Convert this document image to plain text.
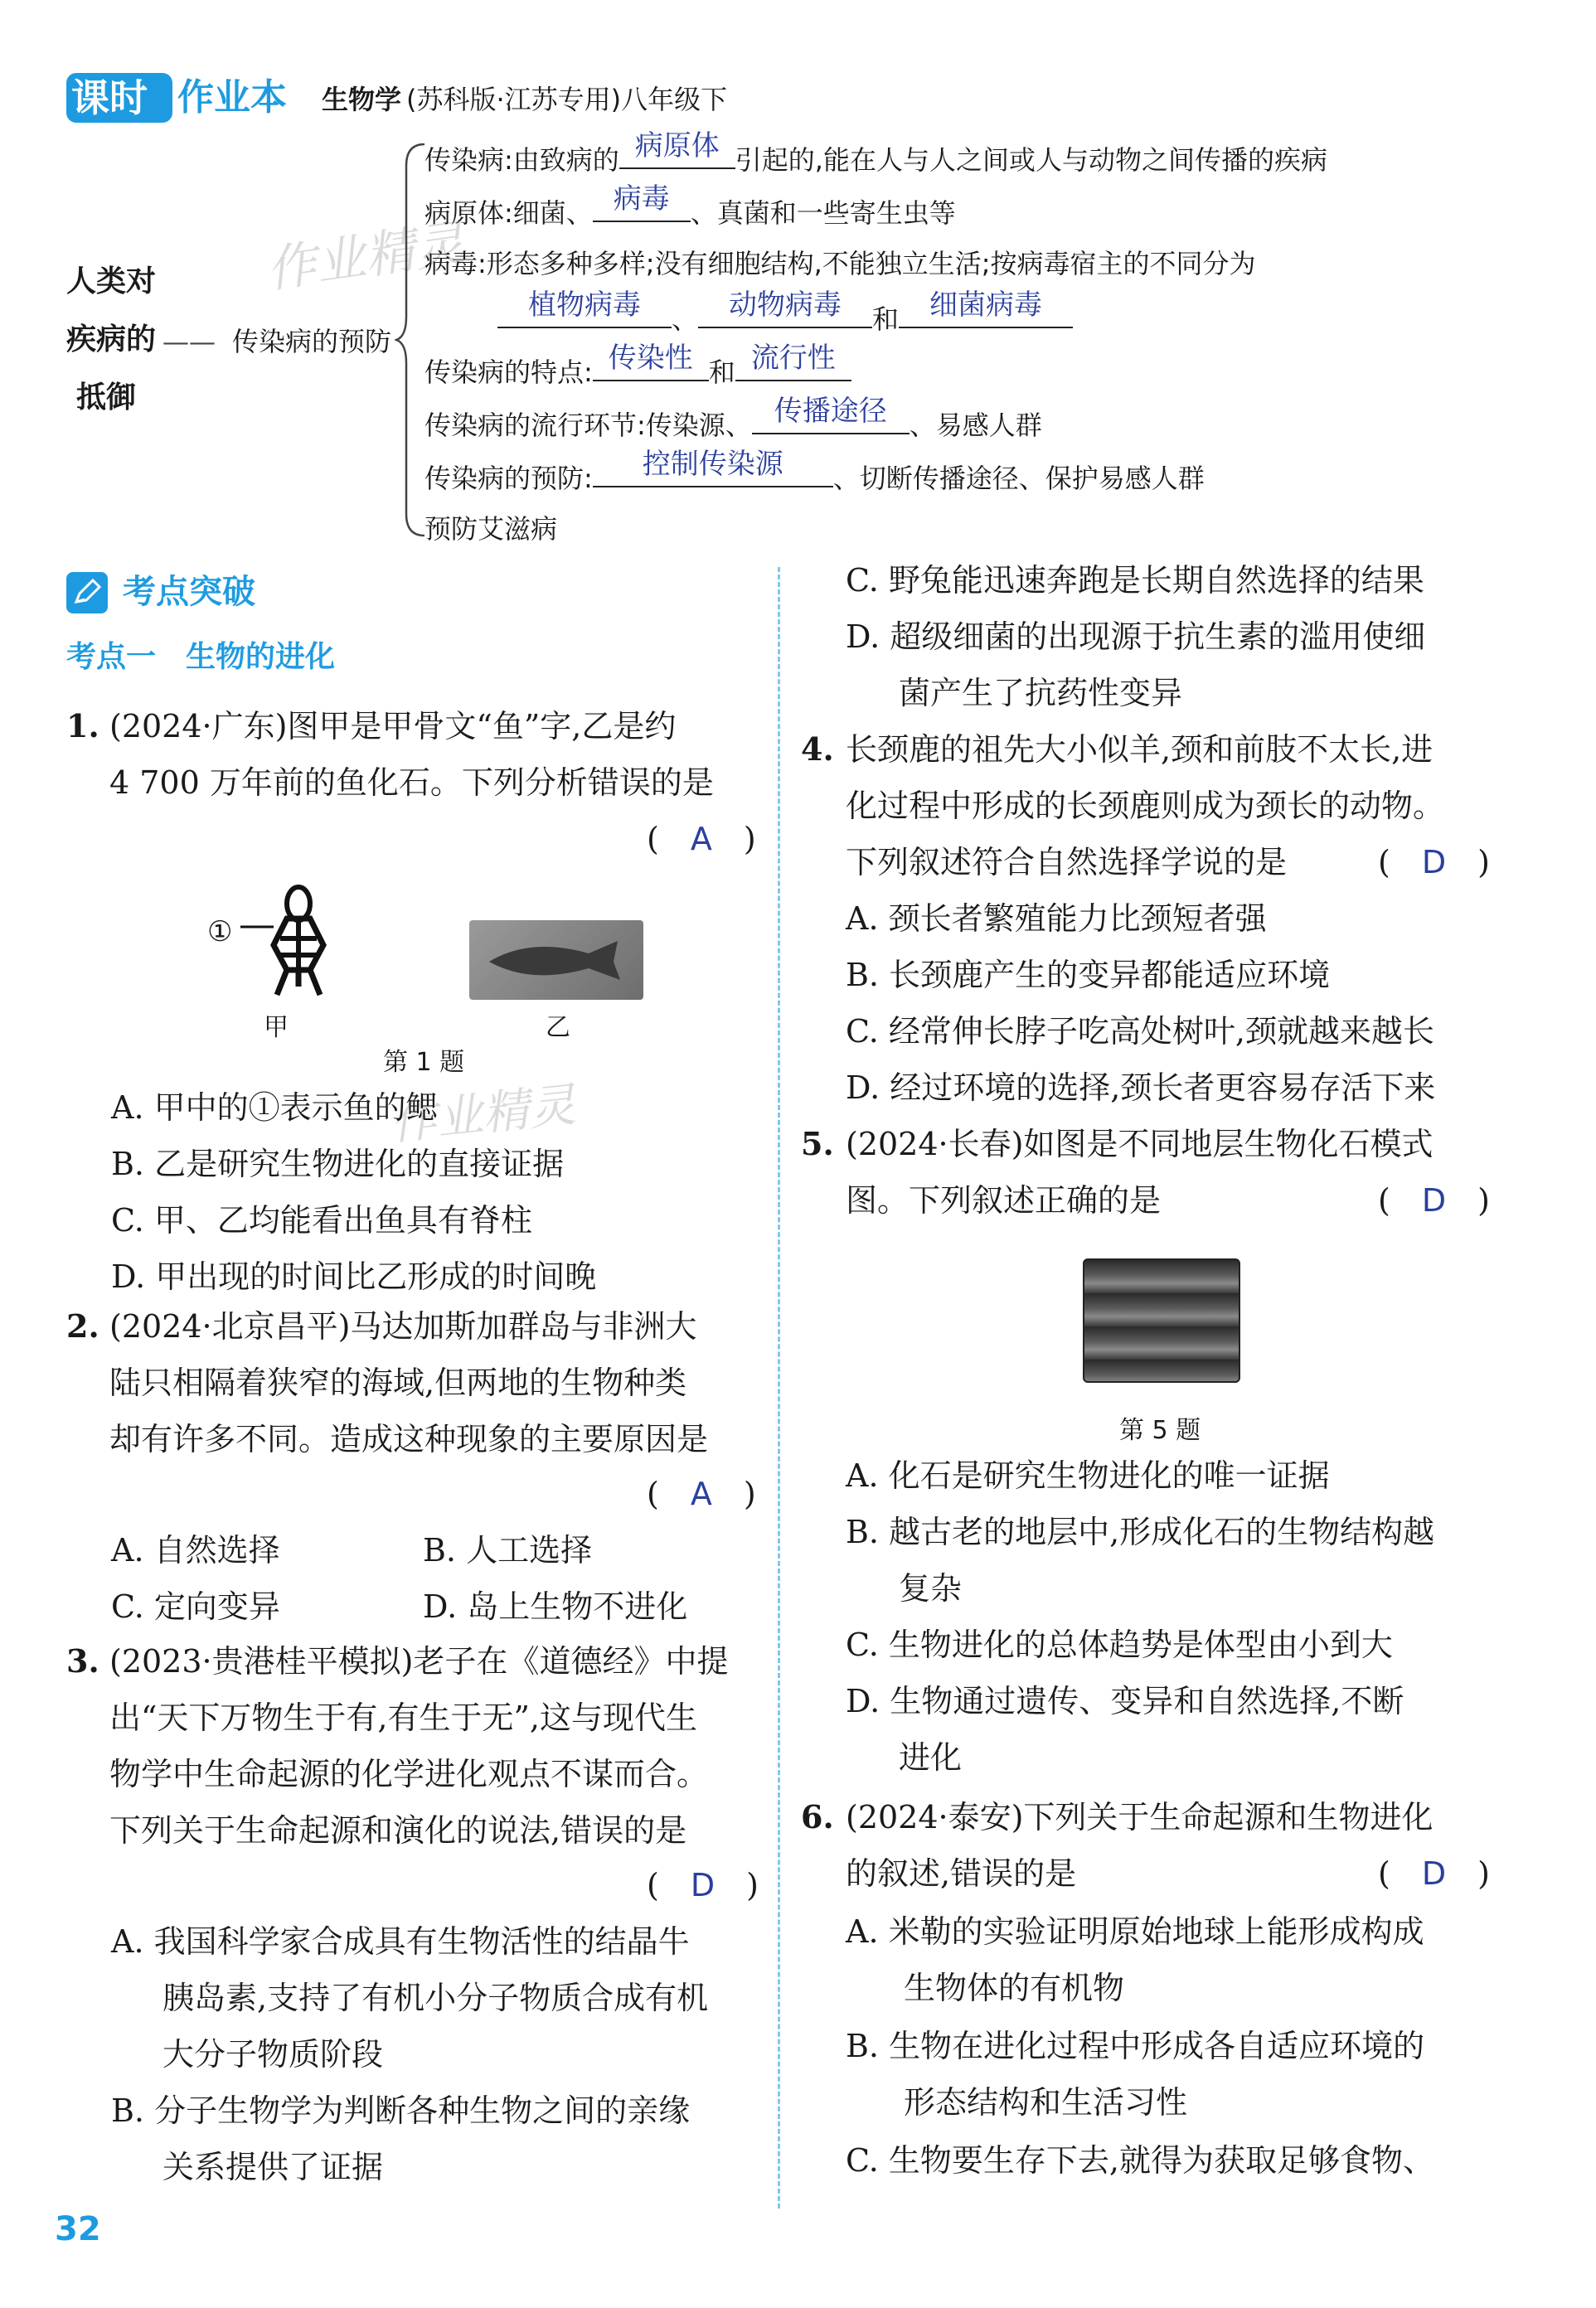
课时 作业本 生物学 (苏科版·江苏专用)八年级下
作业精灵
作业精灵
人类对
疾病的
抵御
—— 传染病的预防
传染病:由致病的 病原体 引起的,能在人与人之间或人与动物之间传播的疾病
病原体:细菌、 病毒 、真菌和一些寄生虫等
病毒:形态多种多样;没有细胞结构,不能独立生活;按病毒宿主的不同分为
植物病毒	、	动物病毒	和	细菌病毒
传染病的特点: 传染性 和 流行性
传染病的流行环节:传染源、 传播途径 、易感人群
传染病的预防:	控制传染源	、切断传播途径、保护易感人群
预防艾滋病
考点突破
考点一　生物的进化
1. (2024·广东)图甲是甲骨文“鱼”字,乙是约
4 700 万年前的鱼化石。下列分析错误的是
(　A　)
①
甲	乙
第 1 题
A. 甲中的①表示鱼的鳃
B. 乙是研究生物进化的直接证据
C. 甲、乙均能看出鱼具有脊柱
D. 甲出现的时间比乙形成的时间晚
2. (2024·北京昌平)马达加斯加群岛与非洲大
陆只相隔着狭窄的海域,但两地的生物种类
却有许多不同。造成这种现象的主要原因是
(　A　)
A. 自然选择	B. 人工选择
C. 定向变异	D. 岛上生物不进化
3. (2023·贵港桂平模拟)老子在《道德经》中提
出“天下万物生于有,有生于无”,这与现代生
物学中生命起源的化学进化观点不谋而合。
下列关于生命起源和演化的说法,错误的是
(　D　)
A. 我国科学家合成具有生物活性的结晶牛
胰岛素,支持了有机小分子物质合成有机
大分子物质阶段
B. 分子生物学为判断各种生物之间的亲缘
关系提供了证据
C. 野兔能迅速奔跑是长期自然选择的结果
D. 超级细菌的出现源于抗生素的滥用使细
菌产生了抗药性变异
4. 长颈鹿的祖先大小似羊,颈和前肢不太长,进
化过程中形成的长颈鹿则成为颈长的动物。
下列叙述符合自然选择学说的是	(　D　)
A. 颈长者繁殖能力比颈短者强
B. 长颈鹿产生的变异都能适应环境
C. 经常伸长脖子吃高处树叶,颈就越来越长
D. 经过环境的选择,颈长者更容易存活下来
5. (2024·长春)如图是不同地层生物化石模式
图。下列叙述正确的是	(　D　)
第 5 题
A. 化石是研究生物进化的唯一证据
B. 越古老的地层中,形成化石的生物结构越
复杂
C. 生物进化的总体趋势是体型由小到大
D. 生物通过遗传、变异和自然选择,不断
进化
6. (2024·泰安)下列关于生命起源和生物进化
的叙述,错误的是	(　D　)
A. 米勒的实验证明原始地球上能形成构成
生物体的有机物
B. 生物在进化过程中形成各自适应环境的
形态结构和生活习性
C. 生物要生存下去,就得为获取足够食物、
32
